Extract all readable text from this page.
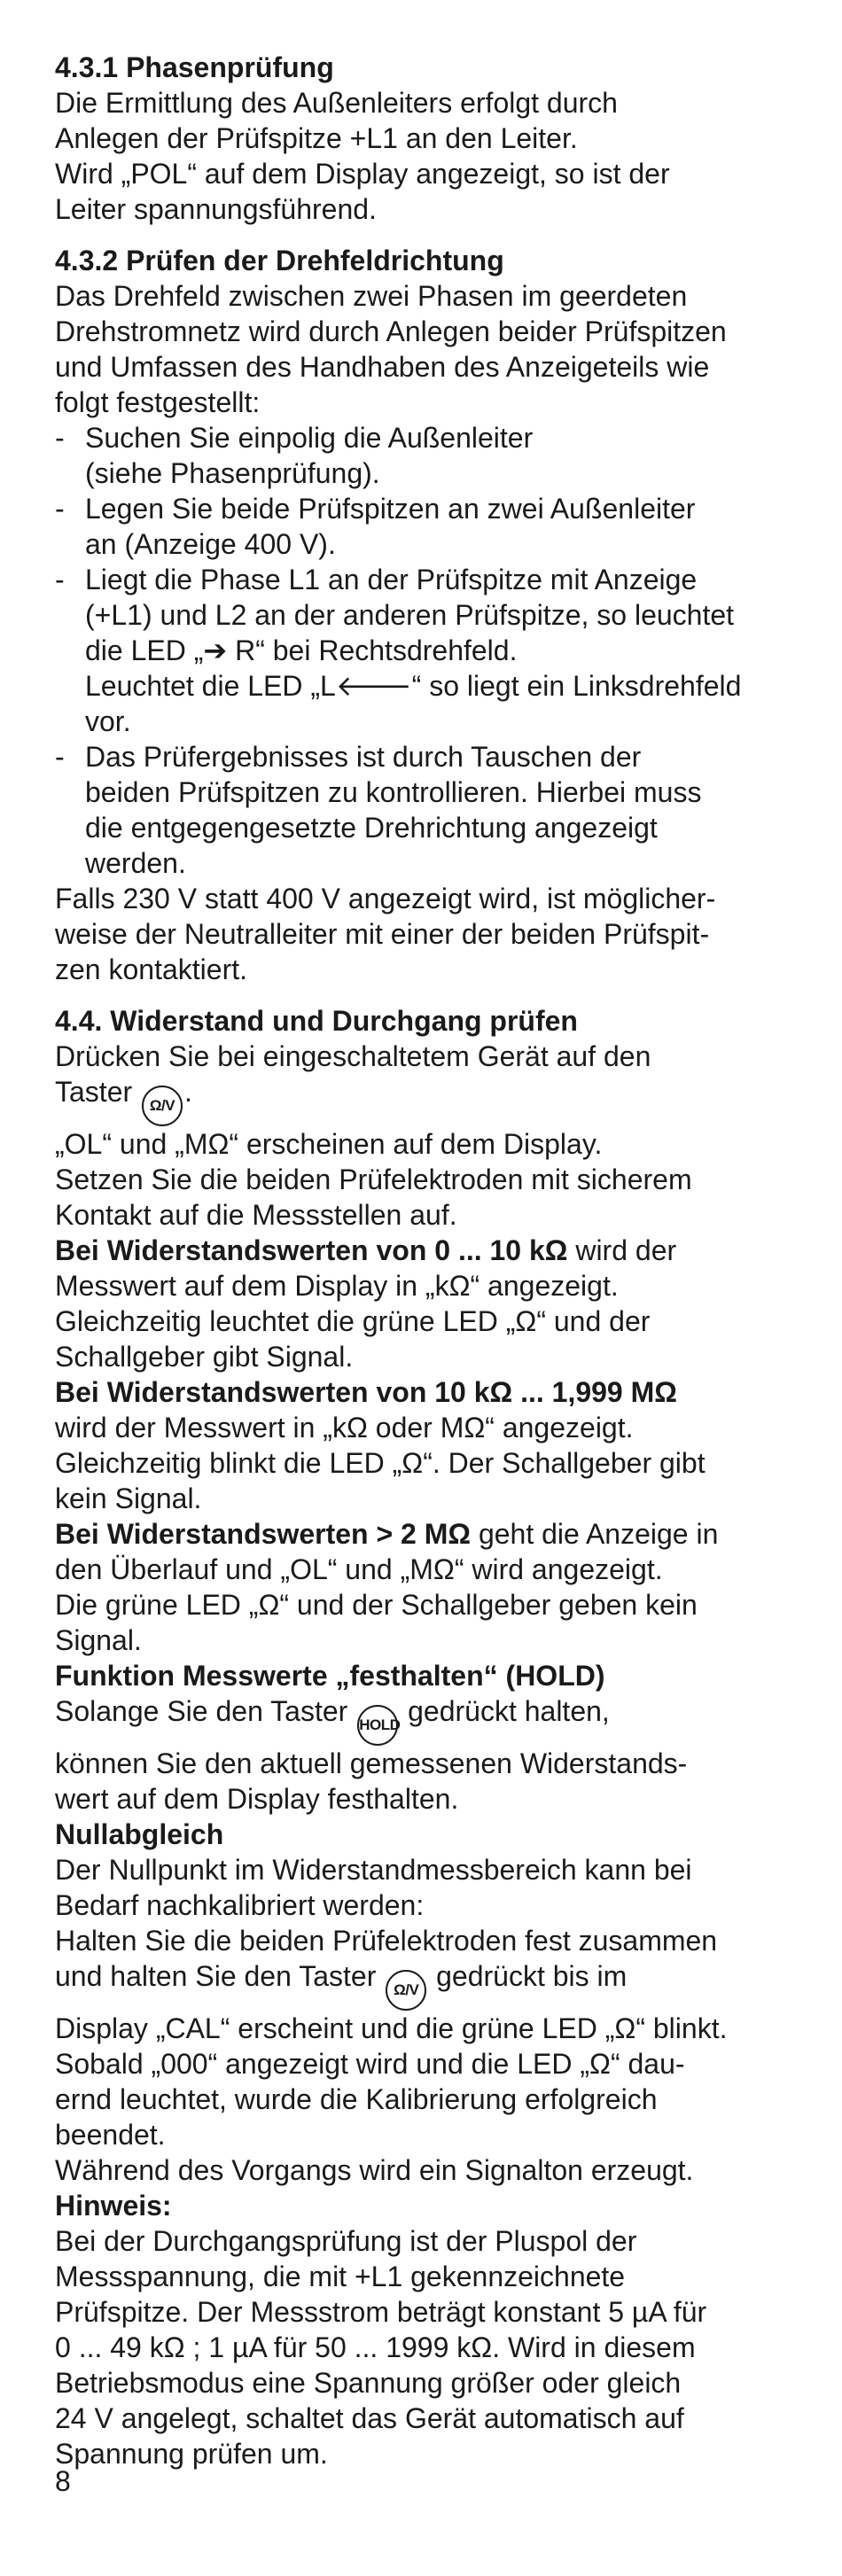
4.3.1 Phasenprüfung

Die Ermittlung des Außenleiters erfolgt durch

Anlegen der Prüfspitze +L1 an den Leiter.

Wird „POL“ auf dem Display angezeigt, so ist der

Leiter spannungsführend.

4.3.2 Prüfen der Drehfeldrichtung

Das Drehfeld zwischen zwei Phasen im geerdeten

Drehstromnetz wird durch Anlegen beider Prüfspitzen

und Umfassen des Handhaben des Anzeigeteils wie

folgt festgestellt:

- Suchen Sie einpolig die Außenleiter
(siehe Phasenprüfung).
- Legen Sie beide Prüfspitzen an zwei Außenleiter
an (Anzeige 400 V).
- Liegt die Phase L1 an der Prüfspitze mit Anzeige
(+L1) und L2 an der anderen Prüfspitze, so leuchtet
die LED „➔ R“ bei Rechtsdrehfeld.
Leuchtet die LED „L🡐“ so liegt ein Linksdrehfeld
vor.
- Das Prüfergebnisses ist durch Tauschen der
beiden Prüfspitzen zu kontrollieren. Hierbei muss
die entgegengesetzte Drehrichtung angezeigt
werden.

Falls 230 V statt 400 V angezeigt wird, ist möglicher-

weise der Neutralleiter mit einer der beiden Prüfspit-

zen kontaktiert.

4.4. Widerstand und Durchgang prüfen

Drücken Sie bei eingeschaltetem Gerät auf den

Taster Ω/V .

„OL“ und „MΩ“ erscheinen auf dem Display.

Setzen Sie die beiden Prüfelektroden mit sicherem

Kontakt auf die Messstellen auf.

Bei Widerstandswerten von 0 ... 10 kΩ wird der

Messwert auf dem Display in „kΩ“ angezeigt.

Gleichzeitig leuchtet die grüne LED „Ω“ und der

Schallgeber gibt Signal.

Bei Widerstandswerten von 10 kΩ ... 1,999 MΩ

wird der Messwert in „kΩ oder MΩ“ angezeigt.

Gleichzeitig blinkt die LED „Ω“. Der Schallgeber gibt

kein Signal.

Bei Widerstandswerten > 2 MΩ geht die Anzeige in

den Überlauf und „OL“ und „MΩ“ wird angezeigt.

Die grüne LED „Ω“ und der Schallgeber geben kein

Signal.

Funktion Messwerte „festhalten“ (HOLD)

Solange Sie den Taster HOLD gedrückt halten,

können Sie den aktuell gemessenen Widerstands-

wert auf dem Display festhalten.

Nullabgleich

Der Nullpunkt im Widerstandmessbereich kann bei

Bedarf nachkalibriert werden:

Halten Sie die beiden Prüfelektroden fest zusammen

und halten Sie den Taster Ω/V gedrückt bis im

Display „CAL“ erscheint und die grüne LED „Ω“ blinkt.

Sobald „000“ angezeigt wird und die LED „Ω“ dau-

ernd leuchtet, wurde die Kalibrierung erfolgreich

beendet.

Während des Vorgangs wird ein Signalton erzeugt.

Hinweis:

Bei der Durchgangsprüfung ist der Pluspol der

Messspannung, die mit +L1 gekennzeichnete

Prüfspitze. Der Messstrom beträgt konstant 5 µA für

0 ... 49 kΩ ; 1 µA für 50 ... 1999 kΩ. Wird in diesem

Betriebsmodus eine Spannung größer oder gleich

24 V angelegt, schaltet das Gerät automatisch auf

Spannung prüfen um.

8
